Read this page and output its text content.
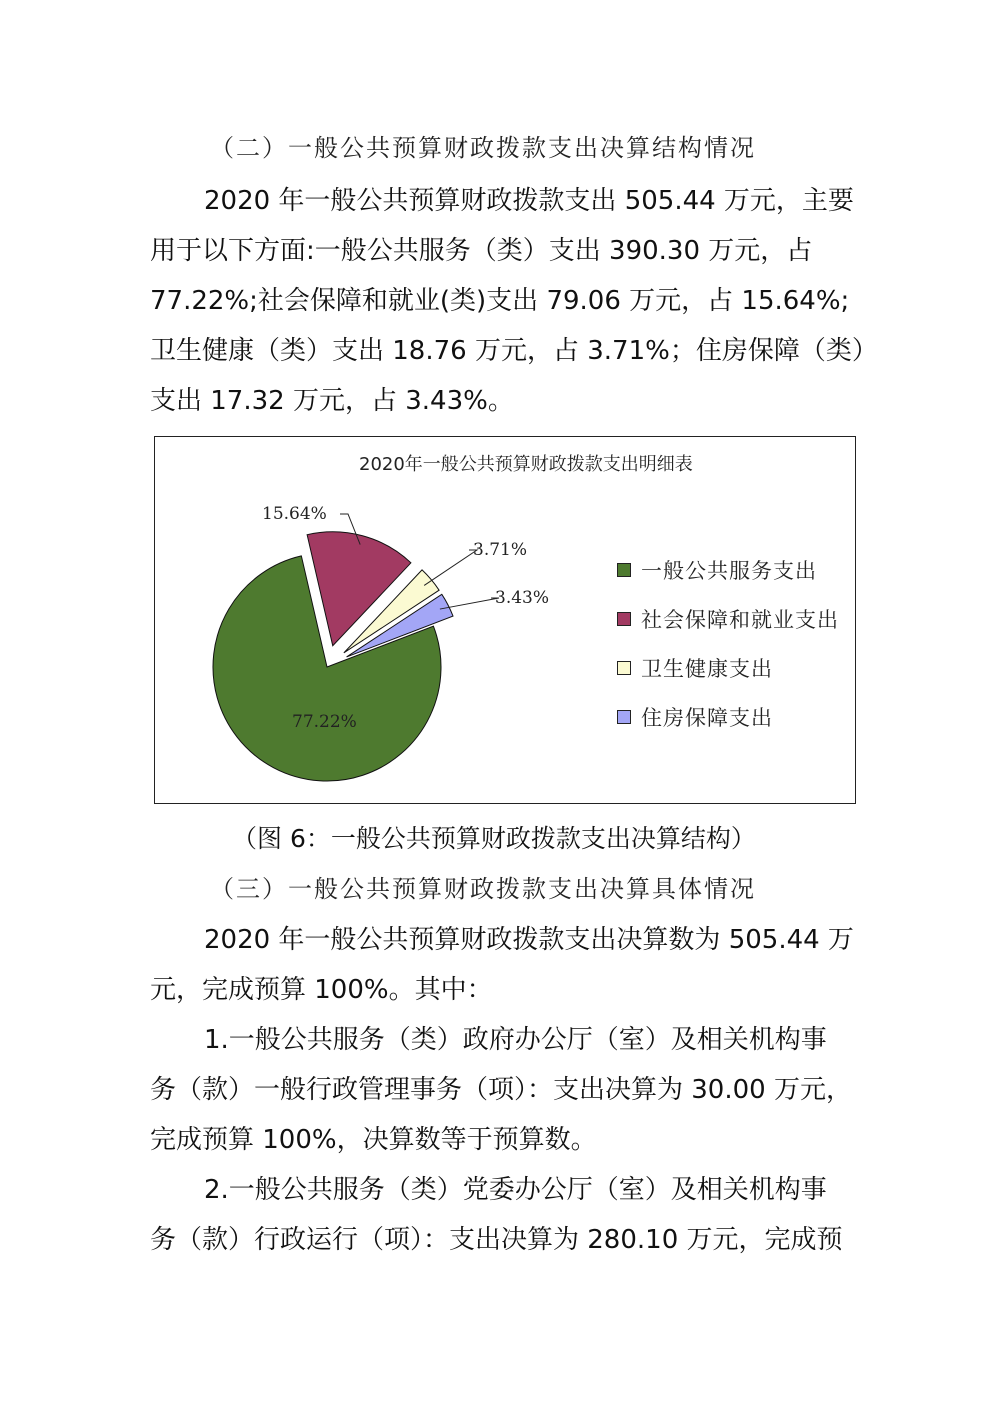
（二）一般公共预算财政拨款支出决算结构情况
2020 年一般公共预算财政拨款支出 505.44 万元，主要
用于以下方面:一般公共服务（类）支出 390.30 万元，占
77.22%;社会保障和就业(类)支出 79.06 万元，占 15.64%;
卫生健康（类）支出 18.76 万元，占 3.71%；住房保障（类）
支出 17.32 万元，占 3.43%。
2020年一般公共预算财政拨款支出明细表
77.22%
15.64%
3.71%
3.43%
一般公共服务支出
社会保障和就业支出
卫生健康支出
住房保障支出
（图 6：一般公共预算财政拨款支出决算结构）
（三）一般公共预算财政拨款支出决算具体情况
2020 年一般公共预算财政拨款支出决算数为 505.44 万
元，完成预算 100%。其中：
1.一般公共服务（类）政府办公厅（室）及相关机构事
务（款）一般行政管理事务（项）：支出决算为 30.00 万元，
完成预算 100%，决算数等于预算数。
2.一般公共服务（类）党委办公厅（室）及相关机构事
务（款）行政运行（项）：支出决算为 280.10 万元，完成预
